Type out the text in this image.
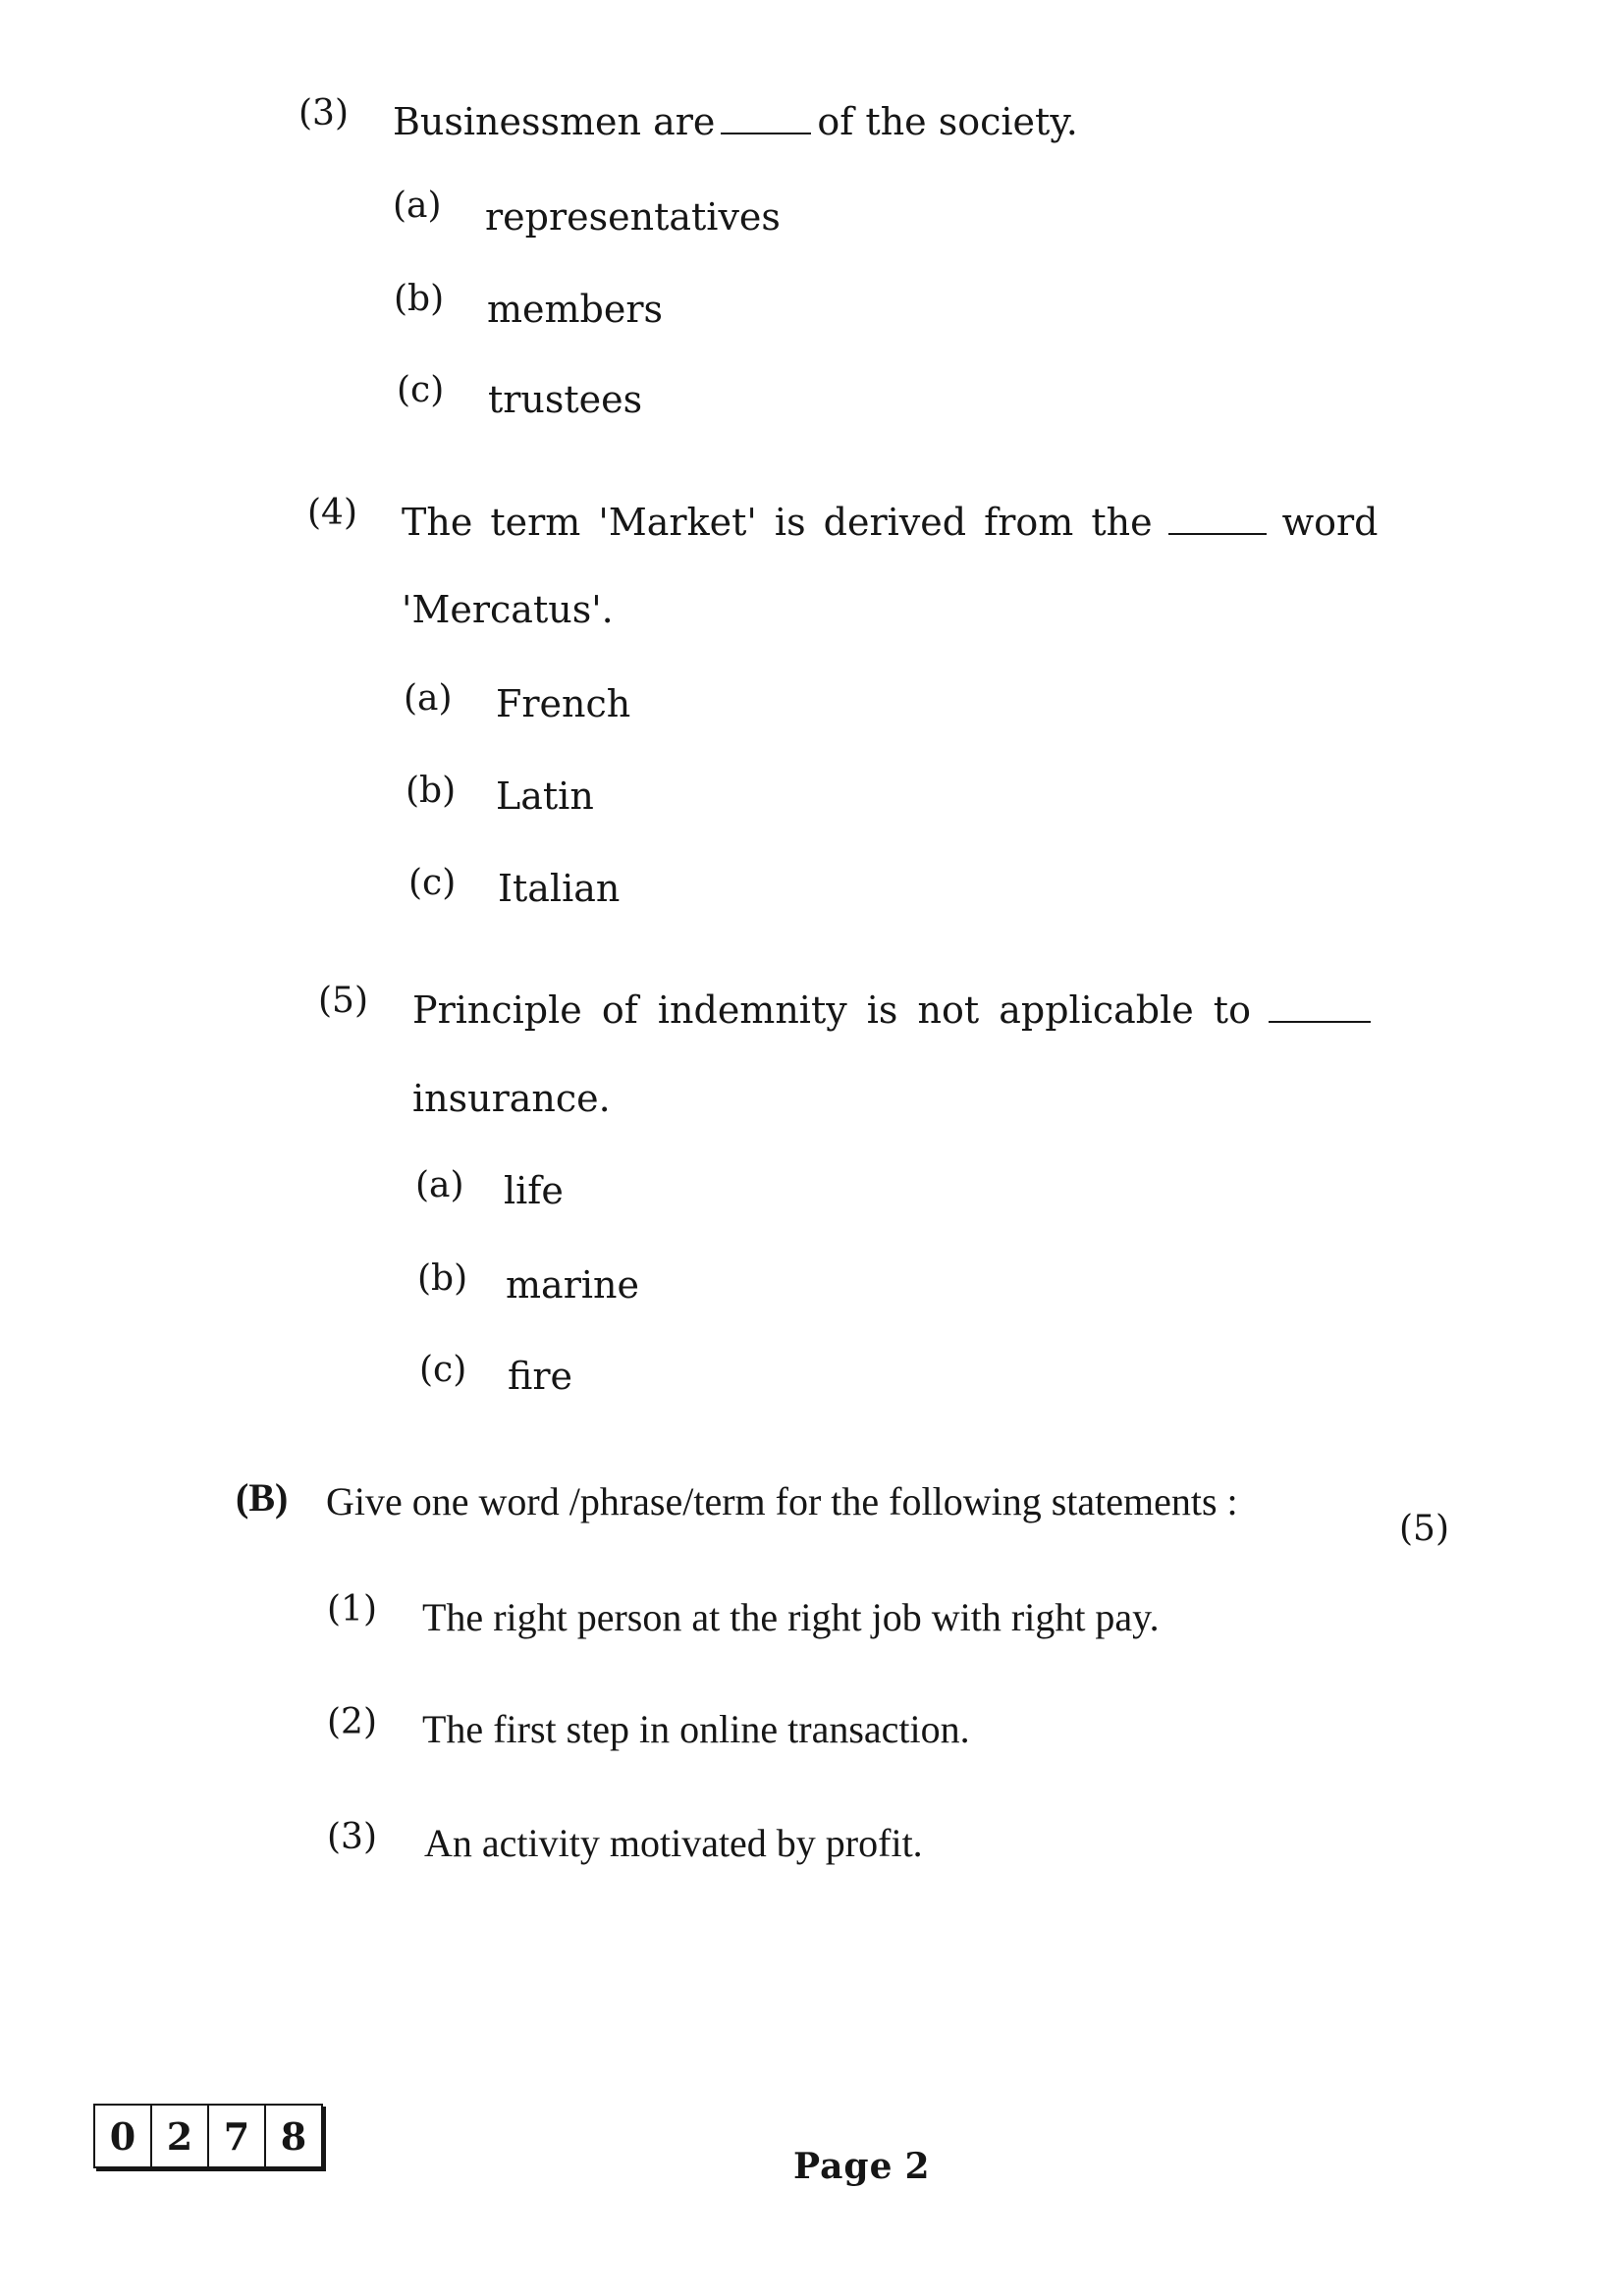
(3) Businessmen are	of the society.
(a) representatives
(b) members
(c) trustees
(4) The term 'Market' is derived from the	word
'Mercatus'.
(a) French
(b) Latin
(c) Italian
(5) Principle of indemnity is not applicable to
insurance.
(a) life
(b) marine
(c) fire
(B) Give one word /phrase/term for the following statements :
(5)
(1) The right person at the right job with right pay.
(2) The first step in online transaction.
(3) An activity motivated by profit.
0 2 7 8
Page 2
